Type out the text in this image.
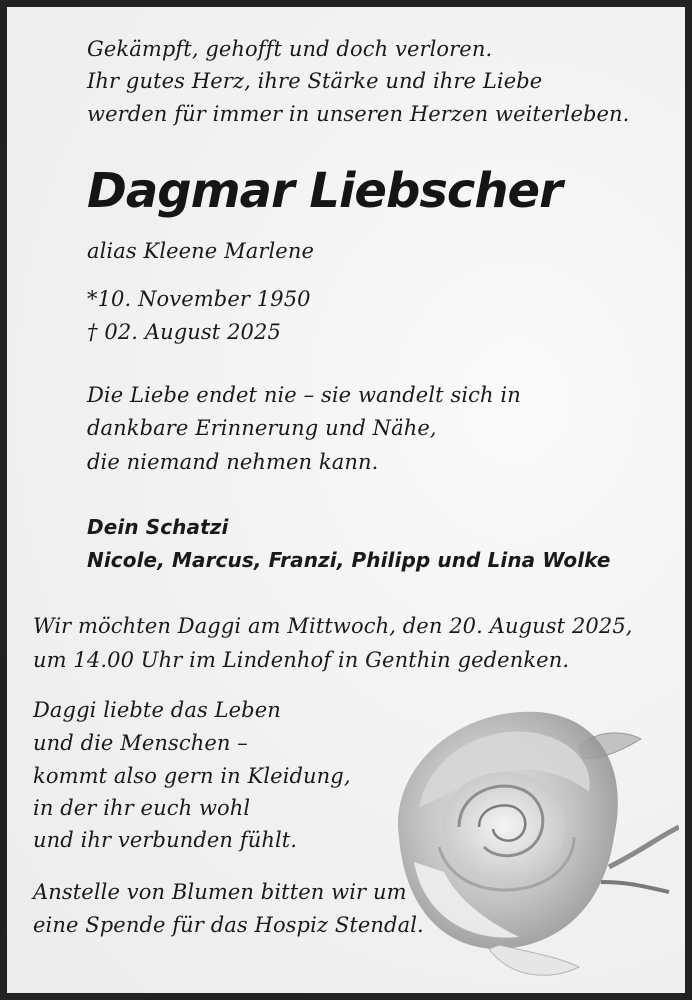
Gekämpft, gehofft und doch verloren.

Ihr gutes Herz, ihre Stärke und ihre Liebe

werden für immer in unseren Herzen weiterleben.

Dagmar Liebscher

alias Kleene Marlene

*10. November 1950

† 02. August 2025

Die Liebe endet nie – sie wandelt sich in

dankbare Erinnerung und Nähe,

die niemand nehmen kann.

Dein Schatzi

Nicole, Marcus, Franzi, Philipp und Lina Wolke

Wir möchten Daggi am Mittwoch, den 20. August 2025,

um 14.00 Uhr im Lindenhof in Genthin gedenken.

Daggi liebte das Leben

und die Menschen –

kommt also gern in Kleidung,

in der ihr euch wohl

und ihr verbunden fühlt.

Anstelle von Blumen bitten wir um

eine Spende für das Hospiz Stendal.
